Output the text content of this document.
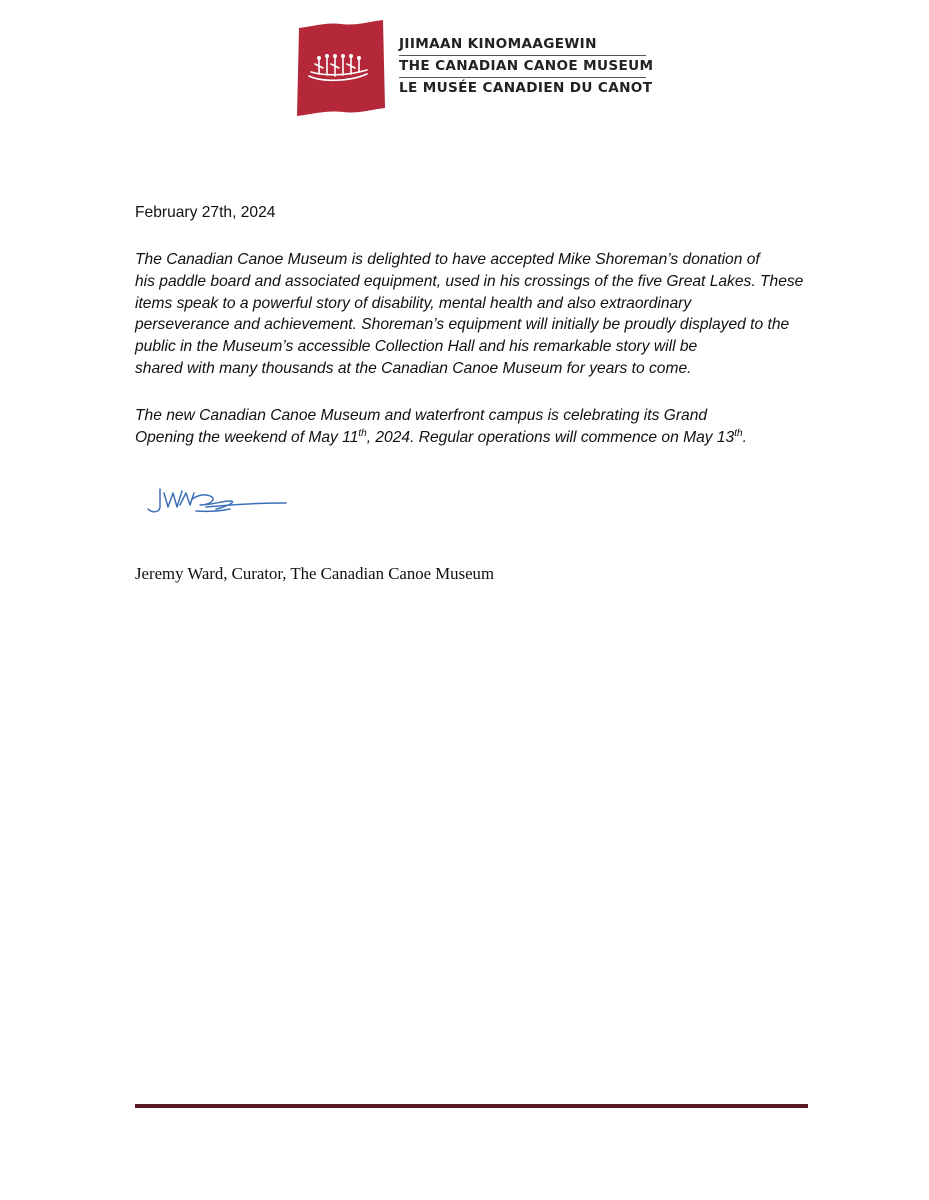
JIIMAAN KINOMAAGEWIN
THE CANADIAN CANOE MUSEUM
LE MUSÉE CANADIEN DU CANOT
February 27th, 2024
The Canadian Canoe Museum is delighted to have accepted Mike Shoreman’s donation of
his paddle board and associated equipment, used in his crossings of the five Great Lakes. These
items speak to a powerful story of disability, mental health and also extraordinary
perseverance and achievement. Shoreman’s equipment will initially be proudly displayed to the
public in the Museum’s accessible Collection Hall and his remarkable story will be
shared with many thousands at the Canadian Canoe Museum for years to come.
The new Canadian Canoe Museum and waterfront campus is celebrating its Grand
Opening the weekend of May 11th, 2024. Regular operations will commence on May 13th.
Jeremy Ward, Curator, The Canadian Canoe Museum
